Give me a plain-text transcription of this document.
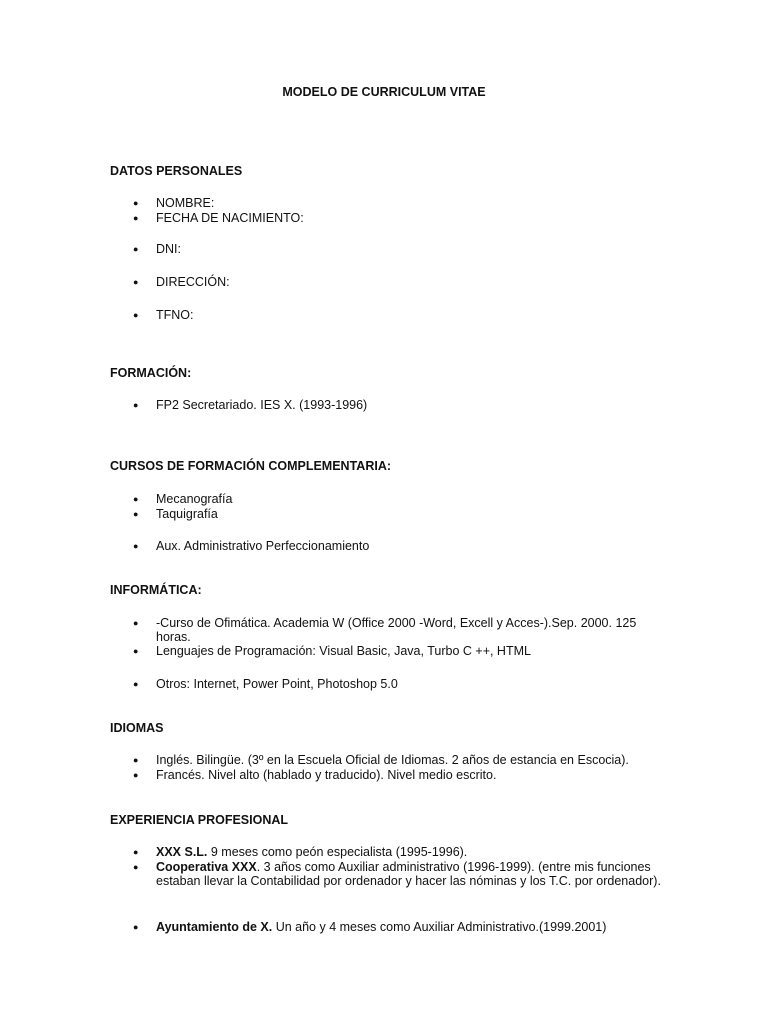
MODELO DE CURRICULUM VITAE
DATOS PERSONALES
● NOMBRE:
● FECHA DE NACIMIENTO:
● DNI:
● DIRECCIÓN:
● TFNO:
FORMACIÓN:
● FP2 Secretariado. IES X. (1993-1996)
CURSOS DE FORMACIÓN COMPLEMENTARIA:
● Mecanografía
● Taquigrafía
● Aux. Administrativo Perfeccionamiento
INFORMÁTICA:
● -Curso de Ofimática. Academia W (Office 2000 -Word, Excell y Acces-).Sep. 2000. 125 horas.
● Lenguajes de Programación: Visual Basic, Java, Turbo C ++, HTML
● Otros: Internet, Power Point, Photoshop 5.0
IDIOMAS
● Inglés. Bilingüe. (3º en la Escuela Oficial de Idiomas. 2 años de estancia en Escocia).
● Francés. Nivel alto (hablado y traducido). Nivel medio escrito.
EXPERIENCIA PROFESIONAL
● XXX S.L. 9 meses como peón especialista (1995-1996).
● Cooperativa XXX. 3 años como Auxiliar administrativo (1996-1999). (entre mis funciones estaban llevar la Contabilidad por ordenador y hacer las nóminas y los T.C. por ordenador).
● Ayuntamiento de X. Un año y 4 meses como Auxiliar Administrativo.(1999.2001)
